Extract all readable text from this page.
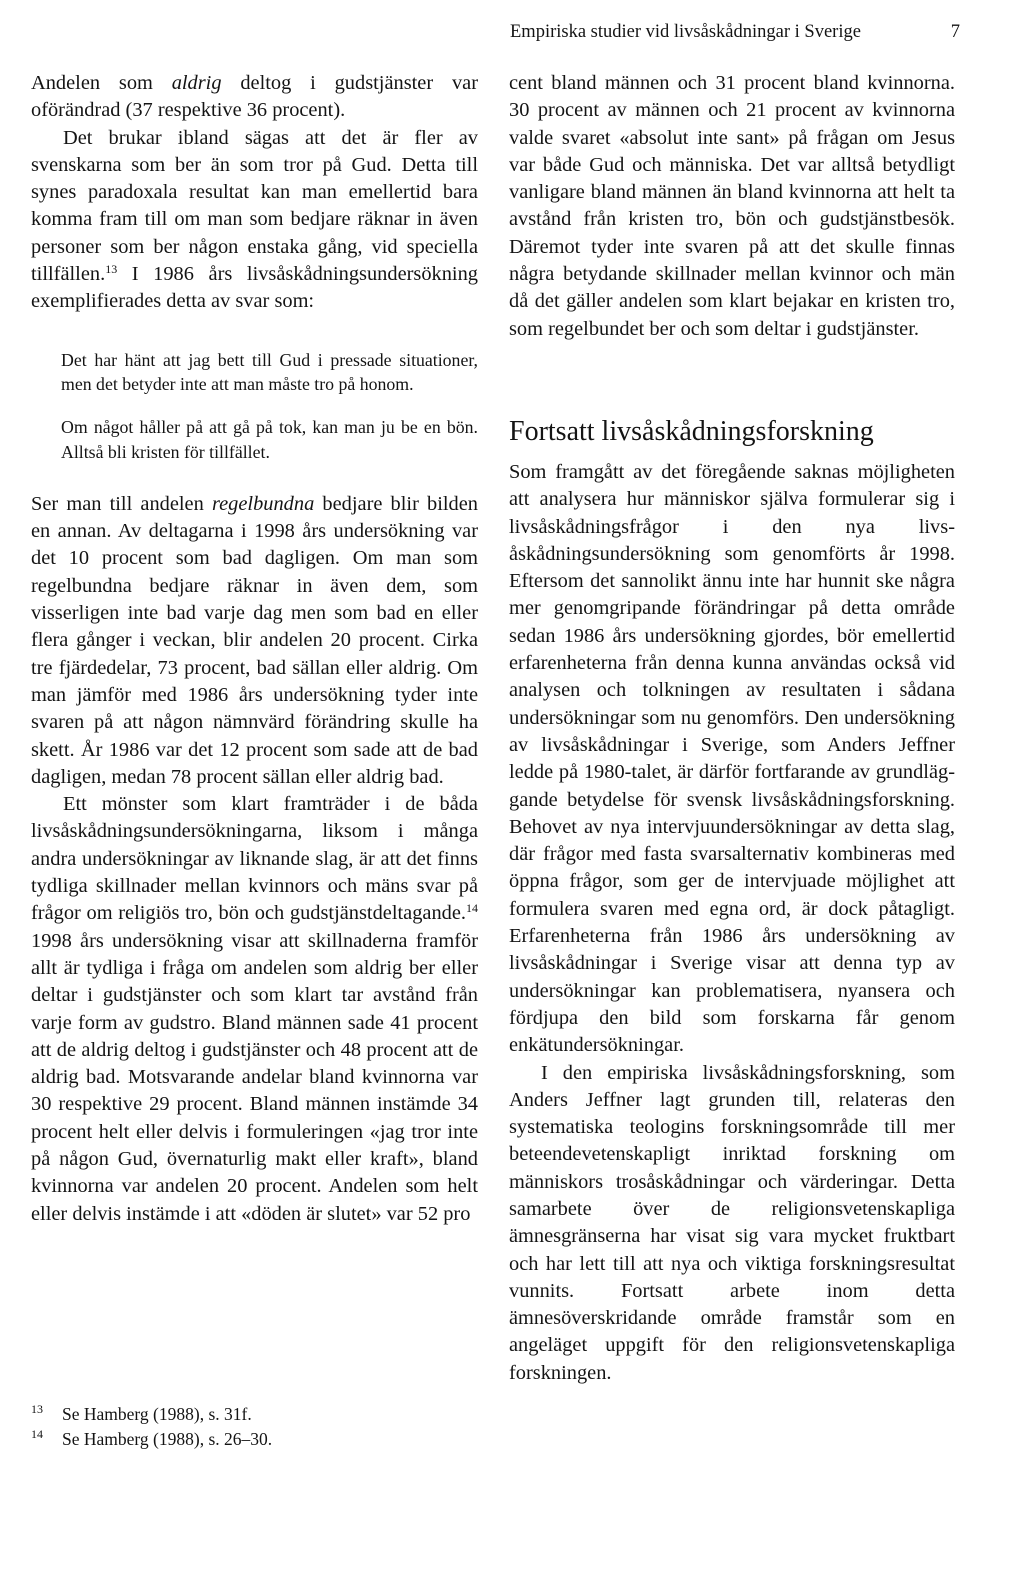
Empiriska studier vid livsåskådningar i Sverige	7

Andelen som aldrig deltog i gudstjänster var oförändrad (37 respektive 36 procent).

Det brukar ibland sägas att det är fler av svenskarna som ber än som tror på Gud. Detta till synes paradoxala resultat kan man emellertid bara komma fram till om man som bedjare räknar in även personer som ber någon enstaka gång, vid speciella tillfällen.$^{13}$ I 1986 års livsåskådningsundersökning exemplifierades detta av svar som:

Det har hänt att jag bett till Gud i pressade situationer, men det betyder inte att man måste tro på honom.

Om något håller på att gå på tok, kan man ju be en bön. Alltså bli kristen för tillfället.

Ser man till andelen regelbundna bedjare blir bilden en annan. Av deltagarna i 1998 års undersökning var det 10 procent som bad dagligen. Om man som regelbundna bedjare räknar in även dem, som visserligen inte bad varje dag men som bad en eller flera gånger i veckan, blir andelen 20 procent. Cirka tre fjärdedelar, 73 procent, bad sällan eller aldrig. Om man jämför med 1986 års undersökning tyder inte svaren på att någon nämnvärd förändring skulle ha skett. År 1986 var det 12 procent som sade att de bad dagligen, medan 78 procent sällan eller aldrig bad.

Ett mönster som klart framträder i de båda livsåskådningsundersökningarna, liksom i många andra undersökningar av liknande slag, är att det finns tydliga skillnader mellan kvinnors och mäns svar på frågor om religiös tro, bön och gudstjänstdeltagande.$^{14}$ 1998 års undersökning visar att skillnaderna framför allt är tydliga i fråga om andelen som aldrig ber eller deltar i gudstjänster och som klart tar avstånd från varje form av gudstro. Bland männen sade 41 procent att de aldrig deltog i gudstjänster och 48 procent att de aldrig bad. Motsvarande andelar bland kvinnorna var 30 respektive 29 procent. Bland männen instämde 34 procent helt eller delvis i formuleringen «jag tror inte på någon Gud, övernaturlig makt eller kraft», bland kvinnorna var andelen 20 procent. Andelen som helt eller delvis instämde i att «döden är slutet» var 52 pro

13 Se Hamberg (1988), s. 31f.
14 Se Hamberg (1988), s. 26–30.

cent bland männen och 31 procent bland kvinnorna. 30 procent av männen och 21 procent av kvinnorna valde svaret «absolut inte sant» på frågan om Jesus var både Gud och människa. Det var alltså betydligt vanligare bland männen än bland kvinnorna att helt ta avstånd från kristen tro, bön och gudstjänstbesök. Däremot tyder inte svaren på att det skulle finnas några betydande skillnader mellan kvinnor och män då det gäller andelen som klart bejakar en kristen tro, som regelbundet ber och som deltar i gudstjänster.

Fortsatt livsåskådningsforskning

Som framgått av det föregående saknas möjligheten att analysera hur människor själva formulerar sig i livsåskådningsfrågor i den nya livsåskådningsundersökning som genomförts år 1998. Eftersom det sannolikt ännu inte har hunnit ske några mer genomgripande förändringar på detta område sedan 1986 års undersökning gjordes, bör emellertid erfarenheterna från denna kunna användas också vid analysen och tolkningen av resultaten i sådana undersökningar som nu genomförs. Den undersökning av livsåskådningar i Sverige, som Anders Jeffner ledde på 1980-talet, är därför fortfarande av grundläggande betydelse för svensk livsåskådningsforskning. Behovet av nya intervjuundersökningar av detta slag, där frågor med fasta svarsalternativ kombineras med öppna frågor, som ger de intervjuade möjlighet att formulera svaren med egna ord, är dock påtagligt. Erfarenheterna från 1986 års undersökning av livsåskådningar i Sverige visar att denna typ av undersökningar kan problematisera, nyansera och fördjupa den bild som forskarna får genom enkätundersökningar.

I den empiriska livsåskådningsforskning, som Anders Jeffner lagt grunden till, relateras den systematiska teologins forskningsområde till mer beteendevetenskapligt inriktad forskning om människors trosåskådningar och värderingar. Detta samarbete över de religionsvetenskapliga ämnesgränserna har visat sig vara mycket fruktbart och har lett till att nya och viktiga forskningsresultat vunnits. Fortsatt arbete inom detta ämnesöverskridande område framstår som en angeläget uppgift för den religionsvetenskapliga forskningen.
